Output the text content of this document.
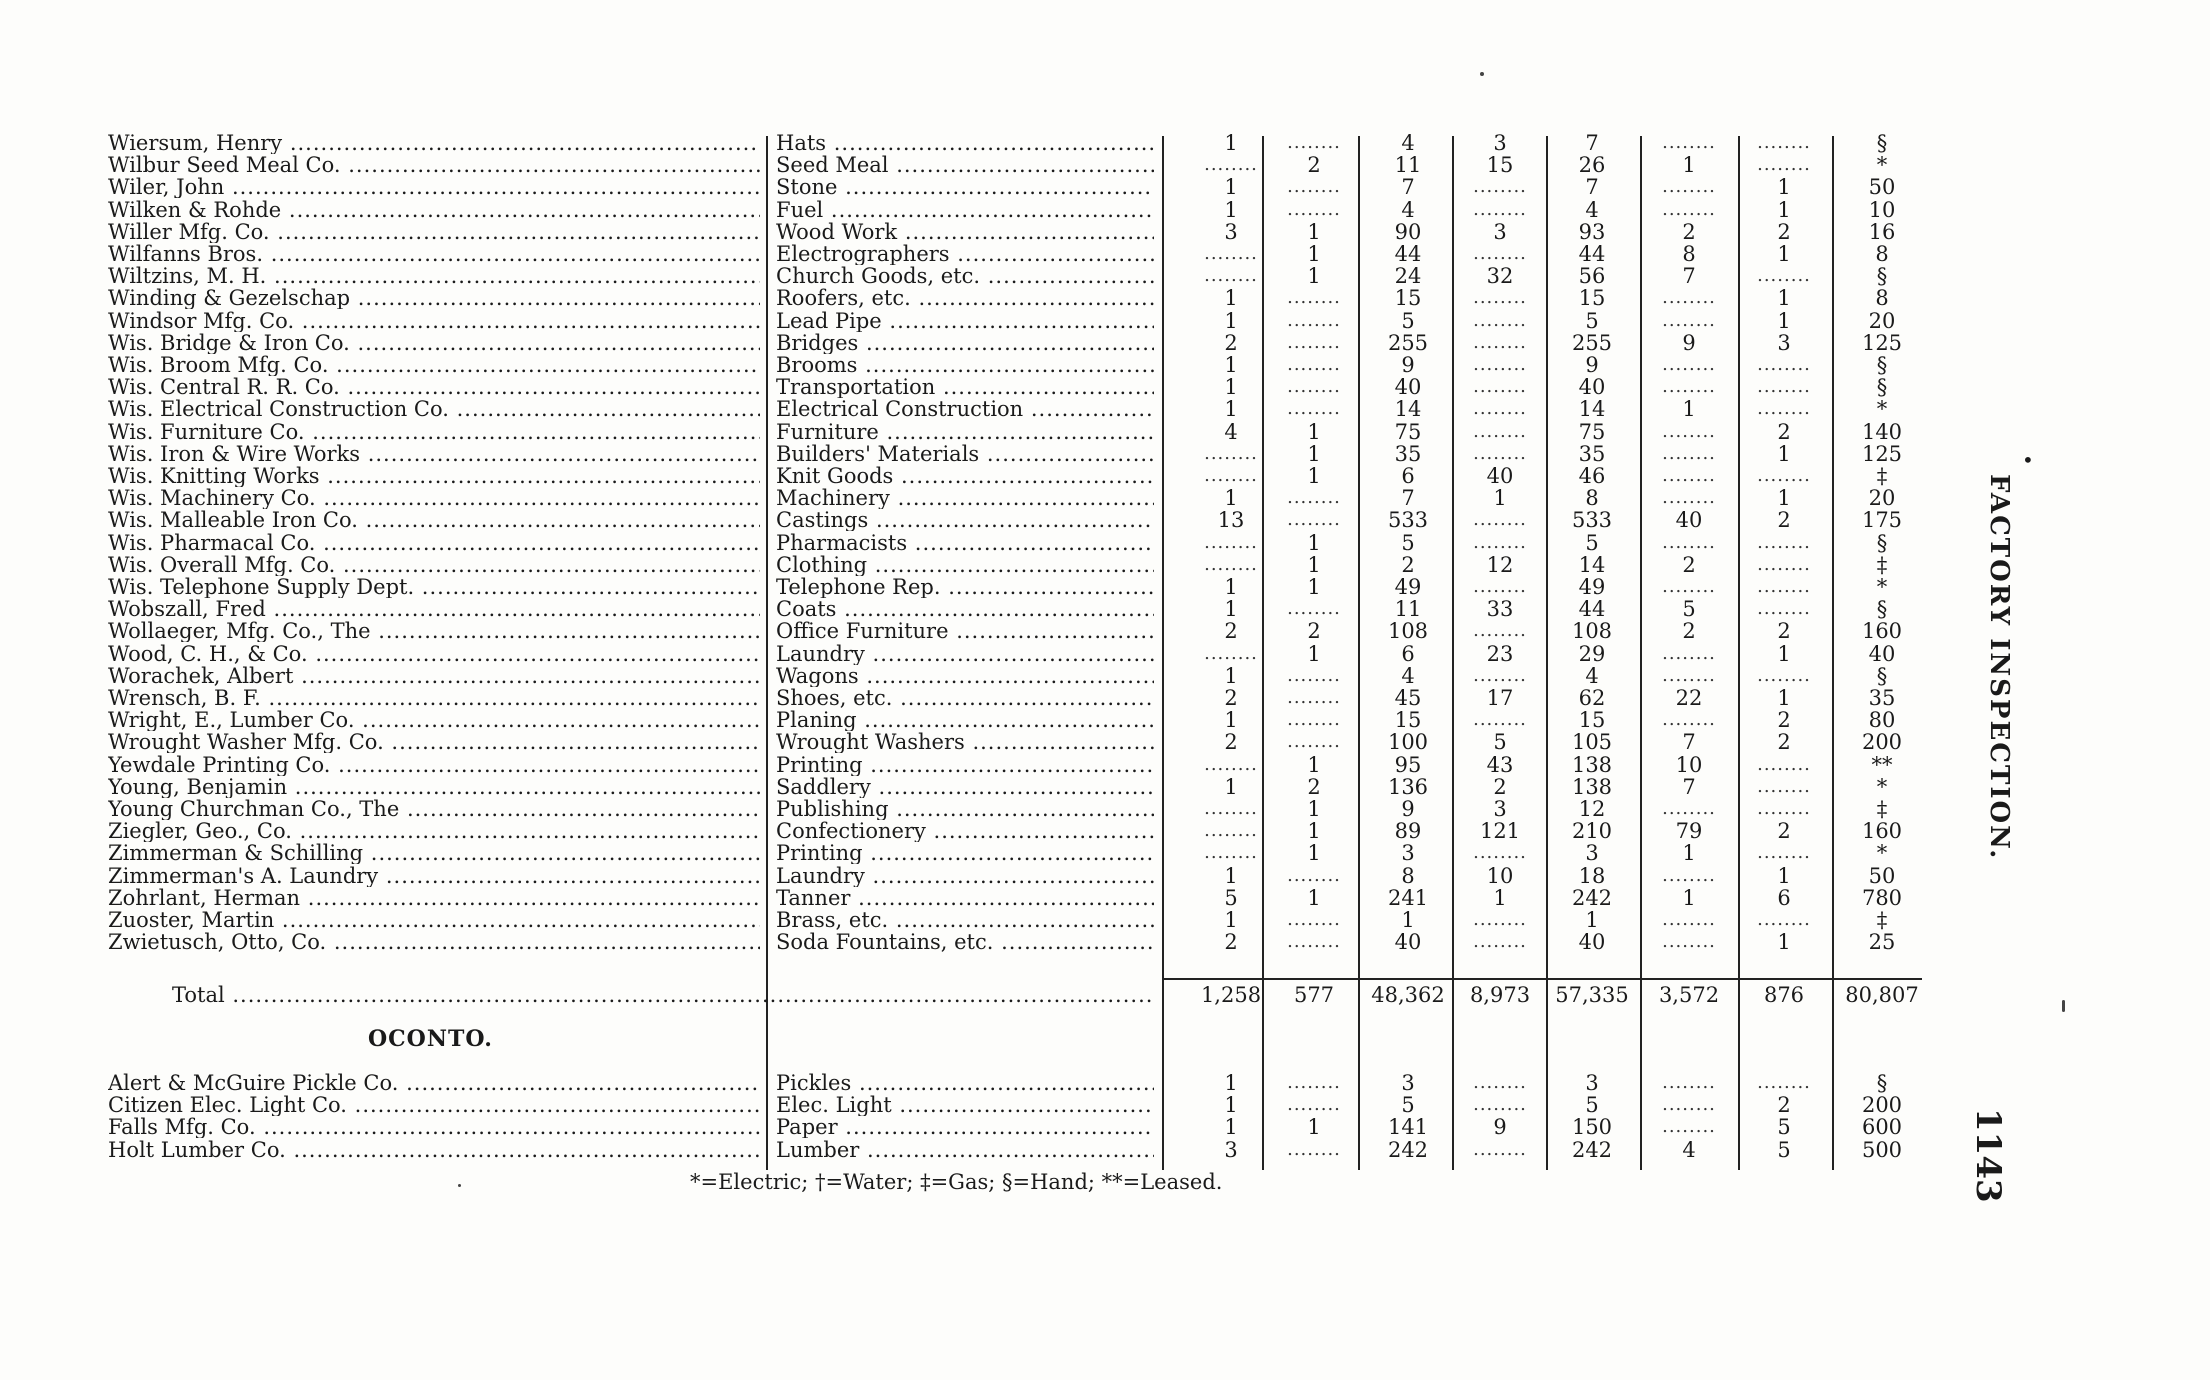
Wiersum, Henry .....	Hats .....	1	........	4	3	7	........	........	§
Wilbur Seed Meal Co. .....	Seed Meal .....	........	2	11	15	26	1	........	*
Wiler, John .....	Stone .....	1	........	7	........	7	........	1	50
Wilken & Rohde .....	Fuel .....	1	........	4	........	4	........	1	10
Willer Mfg. Co. .....	Wood Work .....	3	1	90	3	93	2	2	16
Wilfanns Bros. .....	Electrographers .....	........	1	44	........	44	8	1	8
Wiltzins, M. H. .....	Church Goods, etc. .....	........	1	24	32	56	7	........	§
Winding & Gezelschap .....	Roofers, etc. .....	1	........	15	........	15	........	1	8
Windsor Mfg. Co. .....	Lead Pipe .....	1	........	5	........	5	........	1	20
Wis. Bridge & Iron Co. .....	Bridges .....	2	........	255	........	255	9	3	125
Wis. Broom Mfg. Co. .....	Brooms .....	1	........	9	........	9	........	........	§
Wis. Central R. R. Co. .....	Transportation .....	1	........	40	........	40	........	........	§
Wis. Electrical Construction Co. .....	Electrical Construction .....	1	........	14	........	14	1	........	*
Wis. Furniture Co. .....	Furniture .....	4	1	75	........	75	........	2	140
Wis. Iron & Wire Works .....	Builders' Materials .....	........	1	35	........	35	........	1	125
Wis. Knitting Works .....	Knit Goods .....	........	1	6	40	46	........	........	‡
Wis. Machinery Co. .....	Machinery .....	1	........	7	1	8	........	1	20
Wis. Malleable Iron Co. .....	Castings .....	13	........	533	........	533	40	2	175
Wis. Pharmacal Co. .....	Pharmacists .....	........	1	5	........	5	........	........	§
Wis. Overall Mfg. Co. .....	Clothing .....	........	1	2	12	14	2	........	‡
Wis. Telephone Supply Dept. .....	Telephone Rep. .....	1	1	49	........	49	........	........	*
Wobszall, Fred .....	Coats .....	1	........	11	33	44	5	........	§
Wollaeger, Mfg. Co., The .....	Office Furniture .....	2	2	108	........	108	2	2	160
Wood, C. H., & Co. .....	Laundry .....	........	1	6	23	29	........	1	40
Worachek, Albert .....	Wagons .....	1	........	4	........	4	........	........	§
Wrensch, B. F. .....	Shoes, etc. .....	2	........	45	17	62	22	1	35
Wright, E., Lumber Co. .....	Planing .....	1	........	15	........	15	........	2	80
Wrought Washer Mfg. Co. .....	Wrought Washers .....	2	........	100	5	105	7	2	200
Yewdale Printing Co. .....	Printing .....	........	1	95	43	138	10	........	**
Young, Benjamin .....	Saddlery .....	1	2	136	2	138	7	........	*
Young Churchman Co., The .....	Publishing .....	........	1	9	3	12	........	........	‡
Ziegler, Geo., Co. .....	Confectionery .....	........	1	89	121	210	79	2	160
Zimmerman & Schilling .....	Printing .....	........	1	3	........	3	1	........	*
Zimmerman's A. Laundry .....	Laundry .....	1	........	8	10	18	........	1	50
Zohrlant, Herman .....	Tanner .....	5	1	241	1	242	1	6	780
Zuoster, Martin .....	Brass, etc. .....	1	........	1	........	1	........	........	‡
Zwietusch, Otto, Co. .....	Soda Fountains, etc. .....	2	........	40	........	40	........	1	25
Total .....	1,258	577	48,362	8,973	57,335	3,572	876	80,807
OCONTO.
Alert & McGuire Pickle Co. .....	Pickles .....	1	........	3	........	3	........	........	§
Citizen Elec. Light Co. .....	Elec. Light .....	1	........	5	........	5	........	2	200
Falls Mfg. Co. .....	Paper .....	1	1	141	9	150	........	5	600
Holt Lumber Co. .....	Lumber .....	3	........	242	........	242	4	5	500
*=Electric; †=Water; ‡=Gas; §=Hand; **=Leased.
•
FACTORY INSPECTION.
1143
